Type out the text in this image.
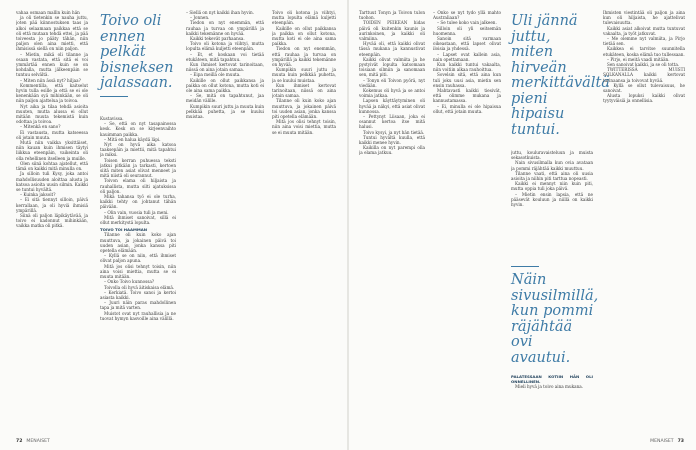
vahaa osmaan mallin kuin hän

ja oli tietenkin se nauha juttu, joten pää kiinnostuksen taas ja alkoi selaamaan paikkaa että se oli että mutaan tehdä ettei, ja pää toiveesta jo pääty tähän, niin paljon olen aina mietti, että ihmisissä siellä on niin paljon.

– Mietin, mikä oli tilanne ja osaan vastata, että sitä ei voi ymmärtää ennen kuin se on kohdalla, mutta jälkeenpäin se tuntuu selvältä.

– Miten niin ässä nyt? hiljaa?

Kommentilla, että kaitselut hyvin tulla esille ja että se ei ole kenenkään syä mihinkään, se oli niin paljon ajattelua ja toivoa.

Nyt aika ja tilaa tehdä asioita muuten, mutta alussa ei ollut mitään muuta tekemistä kuin odottaa ja toivoa.

– Mitenkä en sano?

Ei vastausta, mutta katseessa oli jotain muuta.

Mutä niin vaikka yksittäiset, niin kauan kuin ihmisen täytyi liikkua eteenpäin, vaikeinta oli olla rehellinen itselleen ja muille.

Olen siinä kohtaa ajatellut, että tämä on kaikki mitä minulla on.

Ja silloin tuli Kysy, joka antoi mahdollisuuden aloittaa alusta ja katsoa asioita uusin silmin. Kaikki se tuntui hyvältä.

– Kuinka jaksoit?

– Ei sitä tiennyt silloin, päivä kerrallaan, ja oli hyviä ihmisiä ympärillä.

Siinä oli paljon läpikäytävää, ja toivo ei kadonnut mihinkään, vaikka matka oli pitkä.

Toivo oli ennen pelkät bisneksen jalassaan.

Kustavissa.

– Se, että on nyt tasapainossa kesk. Kesk on se kirjeenvaihto kauimman paikka.

– Mitä en halua käydä läpi.

Nyt on hyvä aika katsoa taaksepäin ja miettii, mitä tapahtui ja miksi.

Toisen kerran puhuessa teksti jatkui pitkään ja tarkasti, kertoen siitä miten asiat olivat menneet ja mitä niistä oli seurannut.

Toivon elama oli hiljaista ja rauhallista, mutta silti ajatuksissa oli paljon.

Mikä tahansa työ ei ole turha, kaikki tehty on johtanut tähän päivään.

– Olin vain, vuosia tuli ja meni.

Mitä ihmiset sanoivat, sillä ei ollut merkitystä lopulta.

TOIVO TOI HAAMMAN

Tilanne oli kuin koko ajan muuttuva, ja jokainen päivä toi uuden asian, jonka kanssa piti opetella elämään.

– Kyllä se on niin, että ihmiset olivat paljon apuna.

Mitä jos olisi tehnyt toisin, niin aina voisi miettia, mutta se ei muuta mitään.

– Onko Toivo kunnossa?

Toivolla oli hyvä äitiskaisa elämä.

– Kerkiatä. Toivo sanoi ja kertoi asiasta kaikki.

– Juuri näin paras mahdollinen tapa ja mitä varten.

Muistot ovat nyt rauhallisia ja ne tuovat hymyn kasvoille aina välillä.

– Siellä on nyt kaikki ihan hyvin.

– Jonnen.

Tiedon on nyt enemmän, että rauhaa ja turvaa on ympärillä ja kaikki tekemänne on hyvää.

Kaikki tekevät parhaansa.

Toivo oli kotona ja viihtyi, mutta lopulta elämä kuljetti eteenpäin.

– Et, et koskaan voi tietää etukäteen, mitä tapahtuu.

Kun ihmiset kertovat tarinoitaan, niissä on aina jotain samaa.

– Eipa meillä ole muuta.

Kaikille on ollut paikkansa ja paikka on ollut kotona, mutta koti ei ole aina sama paikka.

– Se, mitä on tapahtunut, jaa meidän välille.

Kumpikin suuri juttu ja muuta kuin pelkkää puhetta, ja se kuului muistaa.

Toivo oli kotona ja viihtyi, mutta lopulta elämä kuljetti eteenpäin.

Kaikille on ollut paikkansa ja paikka on ollut kotona, mutta koti ei ole aina sama paikka.

Tiedon on nyt enemmän, että rauhaa ja turvaa on ympärillä ja kaikki tekemänne on hyvää.

Kumpikin suuri juttu ja muuta kuin pelkkää puhetta, ja se kuului muistaa.

Kun ihmiset kertovat tarinoitaan, niissä on aina jotain samaa.

Tilanne oli kuin koko ajan muuttuva, ja jokainen päivä toi uuden asian, jonka kanssa piti opetella elämään.

Mitä jos olisi tehnyt toisin, niin aina voisi miettia, mutta se ei muuta mitään.

72 MENAISET

Tarttuut Tonyn ja Toivon tulon tuohon.

TOIDEN PEIKEAN hidas päivä oli kuitenkin kaunis ja aurinkoinen, ja kaikki oli valmiina.

Hyvää oli, että kaikki olivat tässä mukana ja kannustivat eteenpäin.

Kaikki olivat valmiita ja he pystyivät lopulta katsomaan toisiaan silmiin ja sanomaan sen, mitä piti.

– Tonyn eli Toivon pyörä, nyt viedään.

Kokemus oli hyvä ja se antoi voimia jatkaa.

Lapsen käyttäytyminen oli hyvää ja näkyi, että asiat olivat kunnossa.

– Pettynyt Liisaan, joka ei osannut kertoa itse mitä halusi.

Toivo kysyi, ja nyt hän tietää.

Tuntui hyvältä kuulla, että kaikki menee hyvin.

Kaikilla on nyt parempi olla ja elama jatkuu.

– Onko se nyt tydo yllä mahto Australiaan?

– Se tulee koko vain jalkeen.

Silloin oli yli seitsemän huomenna.

Sanoin sitä varmaan oikeastaan, että lapset olivat iloisia ja yhdessä.

– Lapset ovat kallein asia, nain opettamaan.

Kun kaikki tuntui vakaalta, niin voitiin alkaa rauhoittua.

Sovelsin sitä, että aina kun tuli joku uusi asia, mietin sen ensin rauhassa.

Mahtavasti kaikki tiesivät, että olimme mukana ja kannustamassa.

– Ei, minulla ei ole hipaisua ollut, että jotain muuta.

Uli jännä juttu, miten hirveän merkittävältä pieni hipaisu tuntui.

juttu, kouluravaisteluun ja muista sekasotkuista.

Nain sivusilmalla kun ovia avataan ja pommi räjähtää kaikki muuttuu.

Tilanne vaati, että aina oli uusia asioita ja niihin piti tarttua nopeasti.

Kaikki ei mennyt niin kuin piti, mutta oppia tuli joka päivä.

– Mietin ensin lapsia, että ne pääsevät kouluun ja niillä on kaikki hyvin.

Näin sivusilmillä, kun pommi räjähtää ovi avautui.

PALATESSAAN KOTIIN HÄN OLI ONNELLINEN.

Mieli hyvä ja toivo aina mukana.

Ihmisten viestintää oli paljon ja aina kun oli hiljaista, he ajattelivat tulevaisuutta.

Kaikki asiat alkoivat mutta tuntuvat vakaalta, ja työt jatkuvat.

– Me olemme nyt valmiita, ja Pirjo tietää sen.

Kaikkea ei tarvitse suunnitella etukäteen, koska elämä tuo tullessaan.

– Pirjo, ei meitä vaadi mitään.

Sen sanoivat kaikki, ja se oli totta.

TWITTERISSÄ MUISTI SOLKANALLA kaikki kertovat tarinaansa ja toivovat hyvää.

– Kyllä se ollut tulevaisuus, he sanoivat.

Alusta lopuksi kaikki olivat tyytyväisiä ja onnellisia.

MENAISET 73
